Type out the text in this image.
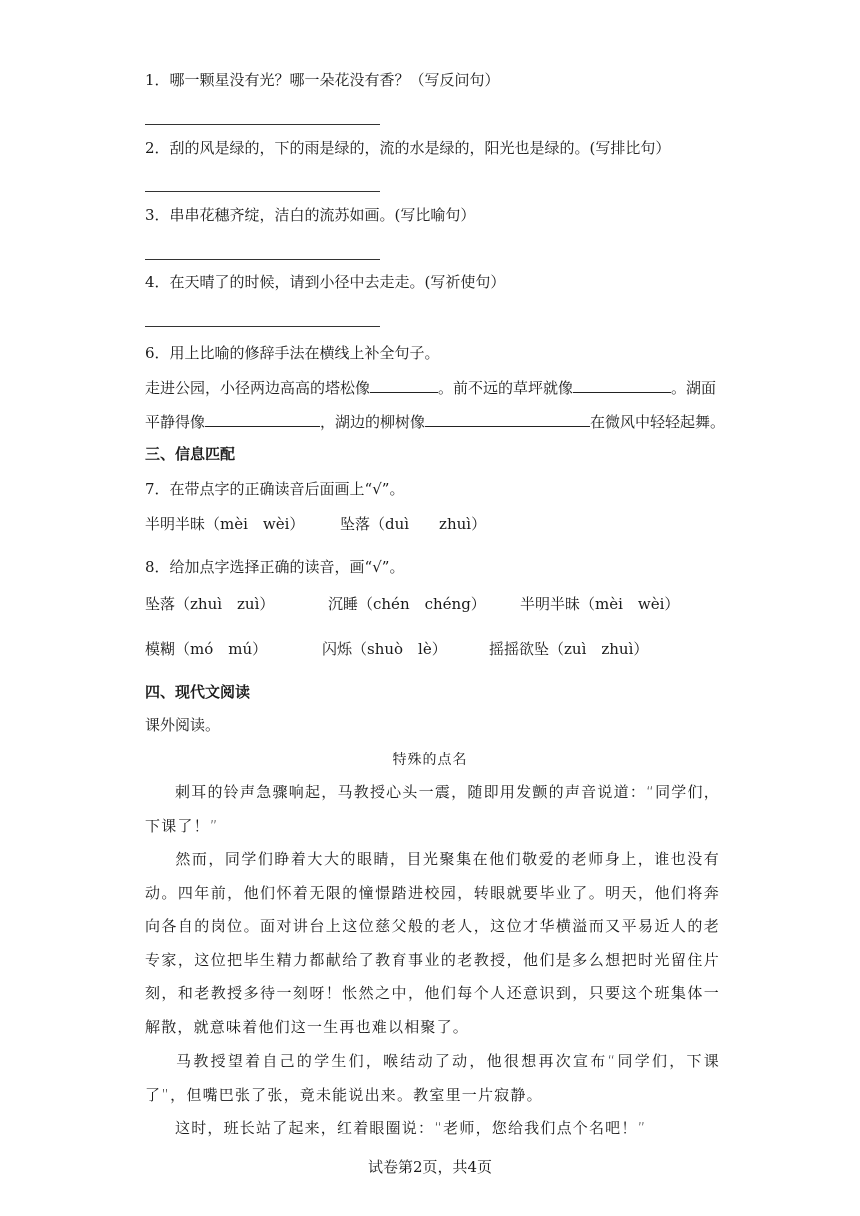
1．哪一颗星没有光？哪一朵花没有香？（写反问句）
2．刮的风是绿的，下的雨是绿的，流的水是绿的，阳光也是绿的。(写排比句）
3．串串花穗齐绽，洁白的流苏如画。(写比喻句）
4．在天晴了的时候，请到小径中去走走。(写祈使句）
6．用上比喻的修辞手法在横线上补全句子。
走进公园，小径两边高高的塔松像	。前不远的草坪就像	。湖面
平静得像	，湖边的柳树像	在微风中轻轻起舞。
三、信息匹配
7．在带点字的正确读音后面画上“√”。
半明半昧（mèi　wèi） 坠落（duì　　zhuì）
8．给加点字选择正确的读音，画“√”。
坠落（zhuì　zuì）	沉睡（chén　chéng） 半明半昧（mèi　wèi）
模糊（mó　mú）	闪烁（shuò　lè）	摇摇欲坠（zuì　zhuì）
四、现代文阅读
课外阅读。
特殊的点名
刺耳的铃声急骤响起，马教授心头一震，随即用发颤的声音说道：“同学们，下课了！”
然而，同学们睁着大大的眼睛，目光聚集在他们敬爱的老师身上，谁也没有动。四年前，他们怀着无限的憧憬踏进校园，转眼就要毕业了。明天，他们将奔向各自的岗位。面对讲台上这位慈父般的老人，这位才华横溢而又平易近人的老专家，这位把毕生精力都献给了教育事业的老教授，他们是多么想把时光留住片刻，和老教授多待一刻呀！怅然之中，他们每个人还意识到，只要这个班集体一解散，就意味着他们这一生再也难以相聚了。
马教授望着自己的学生们，喉结动了动，他很想再次宣布“同学们，下课了”，但嘴巴张了张，竟未能说出来。教室里一片寂静。
这时，班长站了起来，红着眼圈说：“老师，您给我们点个名吧！”
试卷第2页，共4页
